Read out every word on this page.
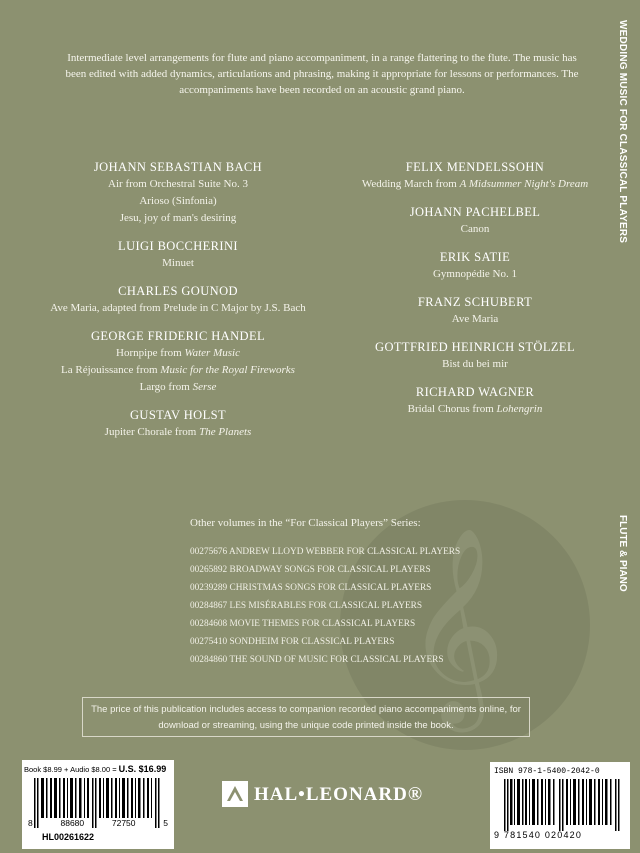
WEDDING MUSIC FOR CLASSICAL PLAYERS
FLUTE & PIANO
Intermediate level arrangements for flute and piano accompaniment, in a range flattering to the flute. The music has been edited with added dynamics, articulations and phrasing, making it appropriate for lessons or performances. The accompaniments have been recorded on an acoustic grand piano.
JOHANN SEBASTIAN BACH
Air from Orchestral Suite No. 3
Arioso (Sinfonia)
Jesu, joy of man's desiring
LUIGI BOCCHERINI
Minuet
CHARLES GOUNOD
Ave Maria, adapted from Prelude in C Major by J.S. Bach
GEORGE FRIDERIC HANDEL
Hornpipe from Water Music
La Réjouissance from Music for the Royal Fireworks
Largo from Serse
GUSTAV HOLST
Jupiter Chorale from The Planets
FELIX MENDELSSOHN
Wedding March from A Midsummer Night's Dream
JOHANN PACHELBEL
Canon
ERIK SATIE
Gymnopédie No. 1
FRANZ SCHUBERT
Ave Maria
GOTTFRIED HEINRICH STÖLZEL
Bist du bei mir
RICHARD WAGNER
Bridal Chorus from Lohengrin
𝄞
Other volumes in the “For Classical Players” Series:
00275676 ANDREW LLOYD WEBBER FOR CLASSICAL PLAYERS
00265892 BROADWAY SONGS FOR CLASSICAL PLAYERS
00239289 CHRISTMAS SONGS FOR CLASSICAL PLAYERS
00284867 LES MISÉRABLES FOR CLASSICAL PLAYERS
00284608 MOVIE THEMES FOR CLASSICAL PLAYERS
00275410 SONDHEIM FOR CLASSICAL PLAYERS
00284860 THE SOUND OF MUSIC FOR CLASSICAL PLAYERS
The price of this publication includes access to companion recorded piano accompaniments online, for download or streaming, using the unique code printed inside the book.
HAL•LEONARD®
Book $8.99 + Audio $8.00 = U.S. $16.99
8	88680	72750	5
HL00261622
ISBN 978-1-5400-2042-0
9 781540 020420
